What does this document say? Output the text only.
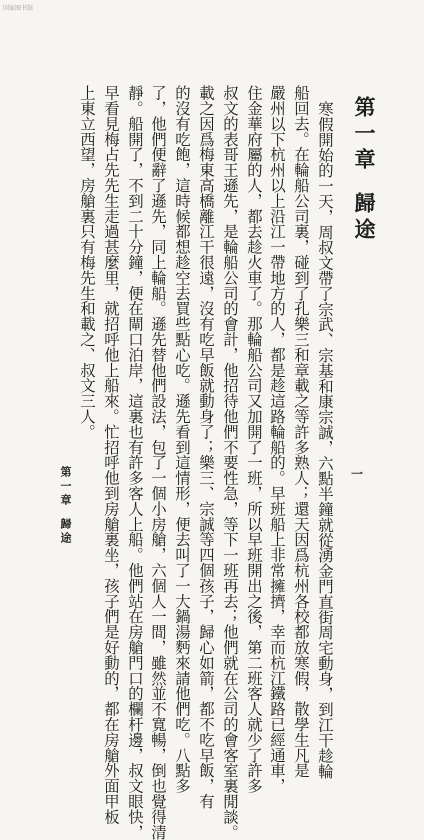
国家图书馆
第一章歸途
寒假開始的一天，周叔文帶了宗武、宗基和康宗誠，六點半鐘就從湧金門直街周宅動身，到江干趁輪
船回去。在輪船公司裏，碰到了孔樂三和章載之等許多熟人；還天因爲杭州各校都放寒假，散學生凡是
嚴州以下杭州以上沿江一帶地方的人，都是趁這路輪船的。早班船上非常擁擠，幸而杭江鐵路已經通車，
住金華府屬的人，都去趁火車了。那輪船公司又加開了一班，所以早班開出之後，第二班客人就少了許多
叔文的表哥王遜先，是輪船公司的會計，他招待他們不要性急，等下一班再去；他們就在公司的會客室裏閒談。
載之因爲梅東高橋離江干很遠，沒有吃早飯就動身了；樂三、宗誠等四個孩子，歸心如箭，都不吃早飯，有
的沒有吃飽，這時候都想趁空去買些點心吃。遜先看到這情形，便去叫了一大鍋湯麪來請他們吃。八點多
了，他們便辭了遜先，同上輪船。遜先替他們設法，包了一個小房艙，六個人一間，雖然並不寬暢，倒也覺得清
靜。船開了，不到二十分鐘，便在閘口泊岸，這裏也有許多客人上船。他們站在房艙門口的欄杆邊，叔文眼快，
早看見梅占先先生走過甚麼里，就招呼他上船來。忙招呼他到房艙裏坐，孩子們是好動的，都在房艙外面甲板
上東立西望，房艙裏只有梅先生和載之、叔文三人。
第一章歸途
一
